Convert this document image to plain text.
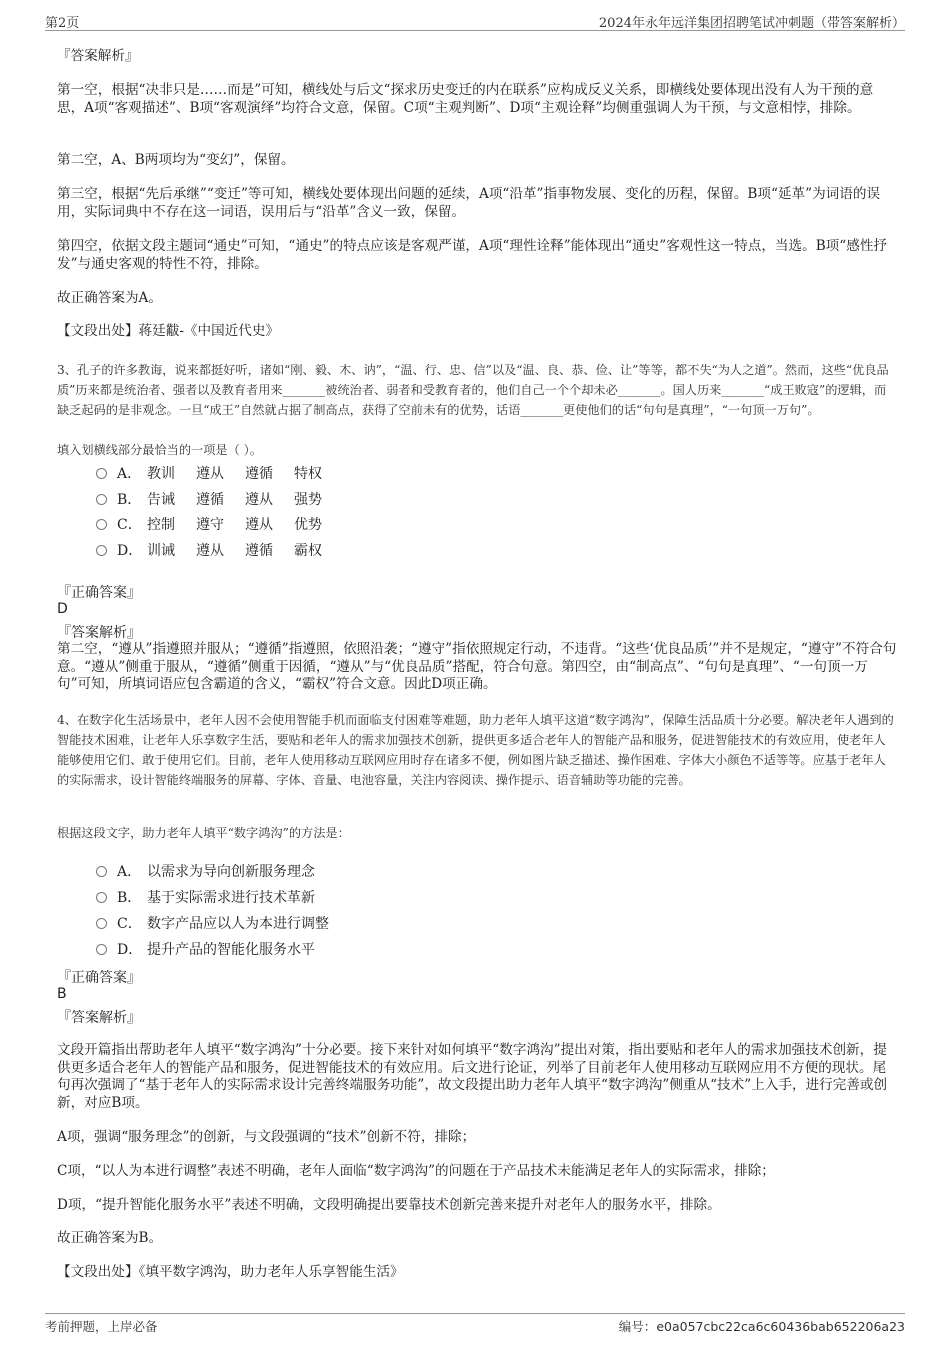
第2页	2024年永年远洋集团招聘笔试冲刺题（带答案解析）
『答案解析』
第一空，根据“决非只是……而是”可知，横线处与后文“探求历史变迁的内在联系”应构成反义关系，即横线处要体现出没有人为干预的意思，A项“客观描述”、B项“客观演绎”均符合文意，保留。C项“主观判断”、D项“主观诠释”均侧重强调人为干预，与文意相悖，排除。
第二空，A、B两项均为“变幻”，保留。
第三空，根据“先后承继”“变迁”等可知，横线处要体现出问题的延续，A项“沿革”指事物发展、变化的历程，保留。B项“延革”为词语的误用，实际词典中不存在这一词语，误用后与“沿革”含义一致，保留。
第四空，依据文段主题词“通史”可知，“通史”的特点应该是客观严谨，A项“理性诠释”能体现出“通史”客观性这一特点，当选。B项“感性抒发”与通史客观的特性不符，排除。
故正确答案为A。
【文段出处】蒋廷黻-《中国近代史》
3、孔子的许多教诲，说来都挺好听，诸如“刚、毅、木、讷”，“温、行、忠、信”以及“温、良、恭、俭、让”等等，都不失“为人之道”。然而，这些“优良品质”历来都是统治者、强者以及教育者用来_______被统治者、弱者和受教育者的，他们自己一个个却未必_______。国人历来_______“成王败寇”的逻辑，而缺乏起码的是非观念。一旦“成王”自然就占据了制高点，获得了空前未有的优势，话语_______更使他们的话“句句是真理”，“一句顶一万句”。
填入划横线部分最恰当的一项是（ ）。
A． 教训 遵从 遵循 特权
B． 告诫 遵循 遵从 强势
C． 控制 遵守 遵从 优势
D． 训诫 遵从 遵循 霸权
『正确答案』
D
『答案解析』
第二空，“遵从”指遵照并服从；“遵循”指遵照，依照沿袭；“遵守”指依照规定行动，不违背。“这些‘优良品质’”并不是规定，“遵守”不符合句意。“遵从”侧重于服从，“遵循”侧重于因循，“遵从”与“优良品质”搭配，符合句意。第四空，由“制高点”、“句句是真理”、“一句顶一万句”可知，所填词语应包含霸道的含义，“霸权”符合文意。因此D项正确。
4、在数字化生活场景中，老年人因不会使用智能手机而面临支付困难等难题，助力老年人填平这道“数字鸿沟”，保障生活品质十分必要。解决老年人遇到的智能技术困难，让老年人乐享数字生活，要贴和老年人的需求加强技术创新，提供更多适合老年人的智能产品和服务，促进智能技术的有效应用，使老年人能够使用它们、敢于使用它们。目前，老年人使用移动互联网应用时存在诸多不便，例如图片缺乏描述、操作困难、字体大小颜色不适等等。应基于老年人的实际需求，设计智能终端服务的屏幕、字体、音量、电池容量，关注内容阅读、操作提示、语音辅助等功能的完善。
根据这段文字，助力老年人填平“数字鸿沟”的方法是：
A． 以需求为导向创新服务理念
B． 基于实际需求进行技术革新
C． 数字产品应以人为本进行调整
D． 提升产品的智能化服务水平
『正确答案』
B
『答案解析』
文段开篇指出帮助老年人填平“数字鸿沟”十分必要。接下来针对如何填平“数字鸿沟”提出对策，指出要贴和老年人的需求加强技术创新，提供更多适合老年人的智能产品和服务，促进智能技术的有效应用。后文进行论证，列举了目前老年人使用移动互联网应用不方便的现状。尾句再次强调了“基于老年人的实际需求设计完善终端服务功能”，故文段提出助力老年人填平“数字鸿沟”侧重从“技术”上入手，进行完善或创新，对应B项。
A项，强调“服务理念”的创新，与文段强调的“技术”创新不符，排除；
C项，“以人为本进行调整”表述不明确，老年人面临“数字鸿沟”的问题在于产品技术未能满足老年人的实际需求，排除；
D项，“提升智能化服务水平”表述不明确，文段明确提出要靠技术创新完善来提升对老年人的服务水平，排除。
故正确答案为B。
【文段出处】《填平数字鸿沟，助力老年人乐享智能生活》
考前押题，上岸必备	编号：e0a057cbc22ca6c60436bab652206a23
